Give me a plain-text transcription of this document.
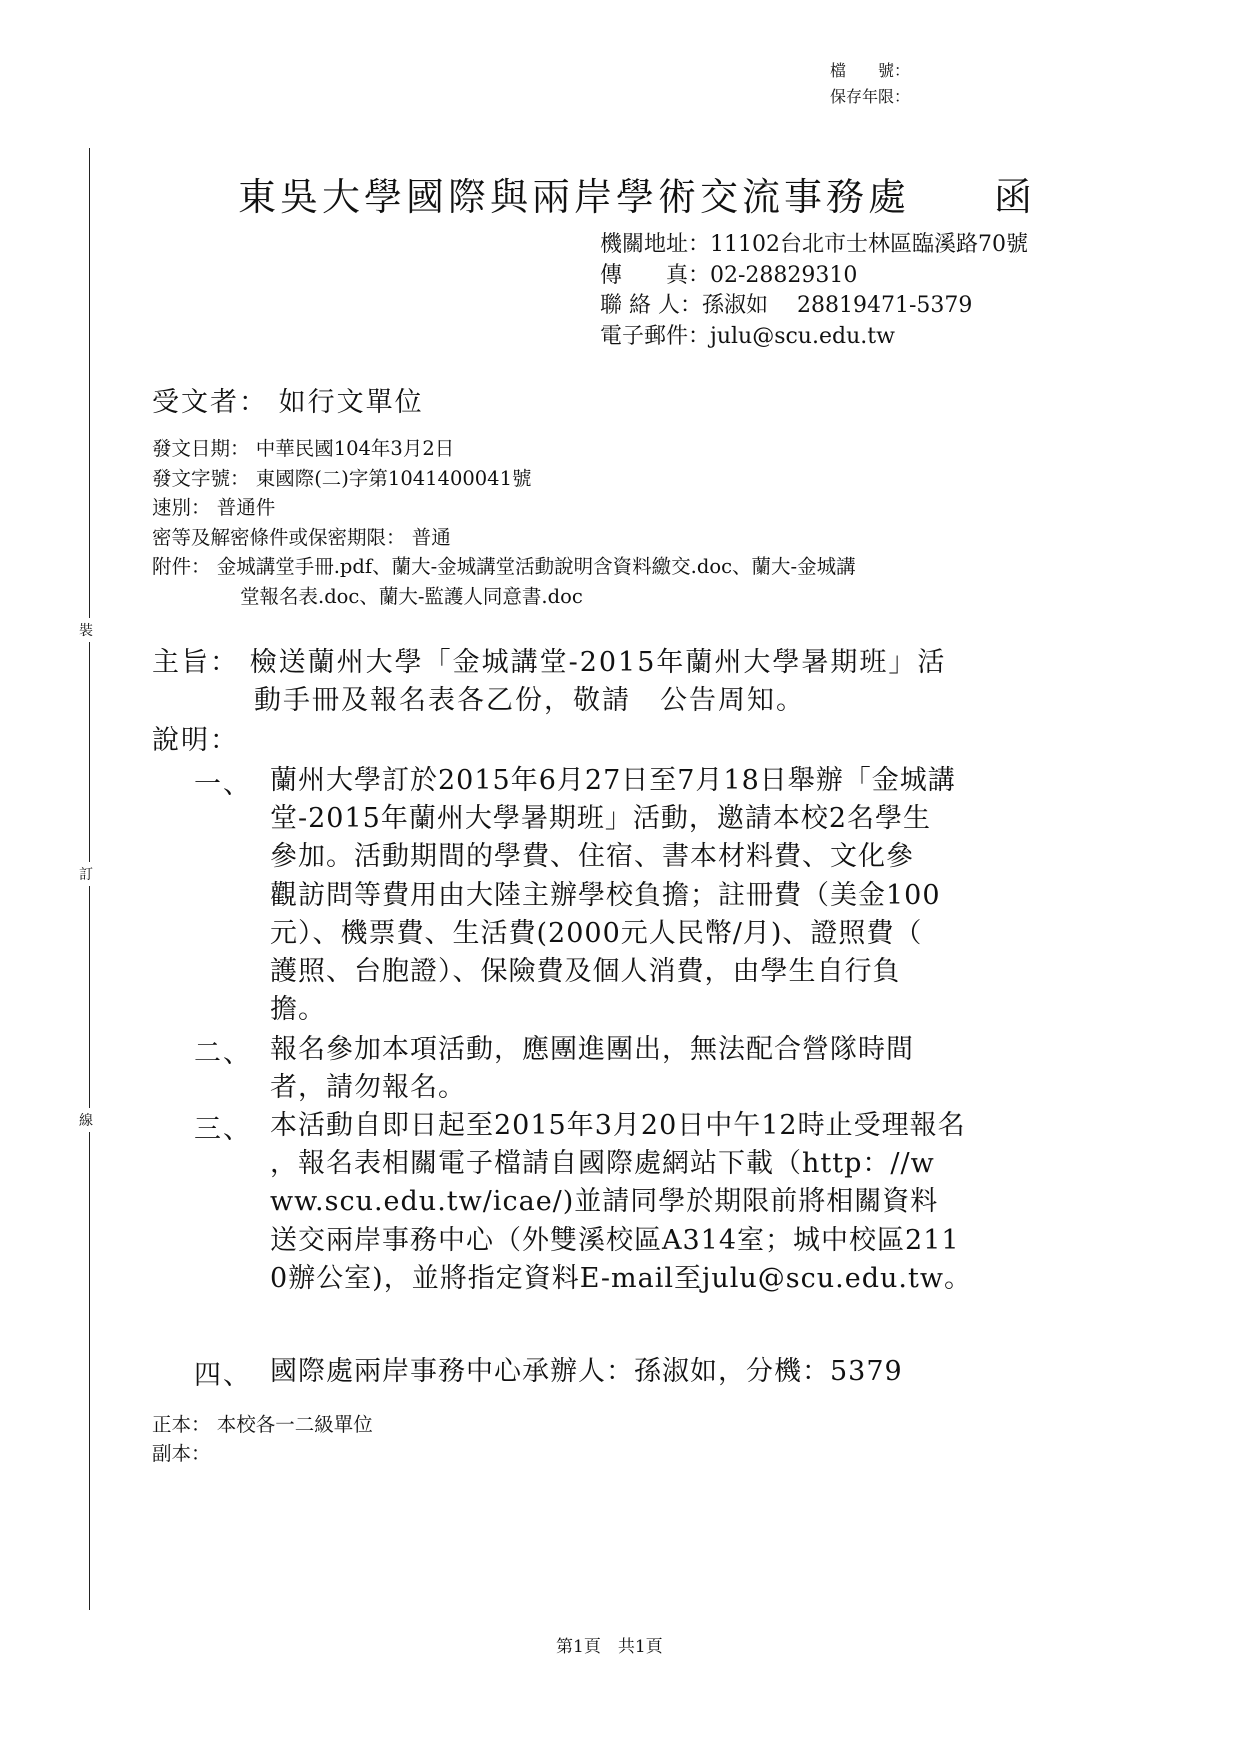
檔　　號：
保存年限：
裝
訂
線
東吳大學國際與兩岸學術交流事務處　　函
機關地址：11102台北市士林區臨溪路70號
傳　　真：02-28829310
聯 絡 人：孫淑如　 28819471-5379
電子郵件：julu@scu.edu.tw
受文者： 如行文單位
發文日期： 中華民國104年3月2日
發文字號： 東國際(二)字第1041400041號
速別： 普通件
密等及解密條件或保密期限： 普通
附件： 金城講堂手冊.pdf、蘭大-金城講堂活動說明含資料繳交.doc、蘭大-金城講
堂報名表.doc、蘭大-監護人同意書.doc
主旨： 檢送蘭州大學「金城講堂-2015年蘭州大學暑期班」活
動手冊及報名表各乙份，敬請　公告周知。
說明：
一、 蘭州大學訂於2015年6月27日至7月18日舉辦「金城講
堂-2015年蘭州大學暑期班」活動，邀請本校2名學生
參加。活動期間的學費、住宿、書本材料費、文化參
觀訪問等費用由大陸主辦學校負擔；註冊費（美金100
元）、機票費、生活費(2000元人民幣/月)、證照費（
護照、台胞證）、保險費及個人消費，由學生自行負
擔。
二、 報名參加本項活動，應團進團出，無法配合營隊時間
者，請勿報名。
三、 本活動自即日起至2015年3月20日中午12時止受理報名
，報名表相關電子檔請自國際處網站下載（http：//w
ww.scu.edu.tw/icae/)並請同學於期限前將相關資料
送交兩岸事務中心（外雙溪校區A314室；城中校區211
0辦公室)，並將指定資料E-mail至julu@scu.edu.tw。
四、 國際處兩岸事務中心承辦人：孫淑如，分機：5379
正本： 本校各一二級單位
副本：
第1頁　共1頁
